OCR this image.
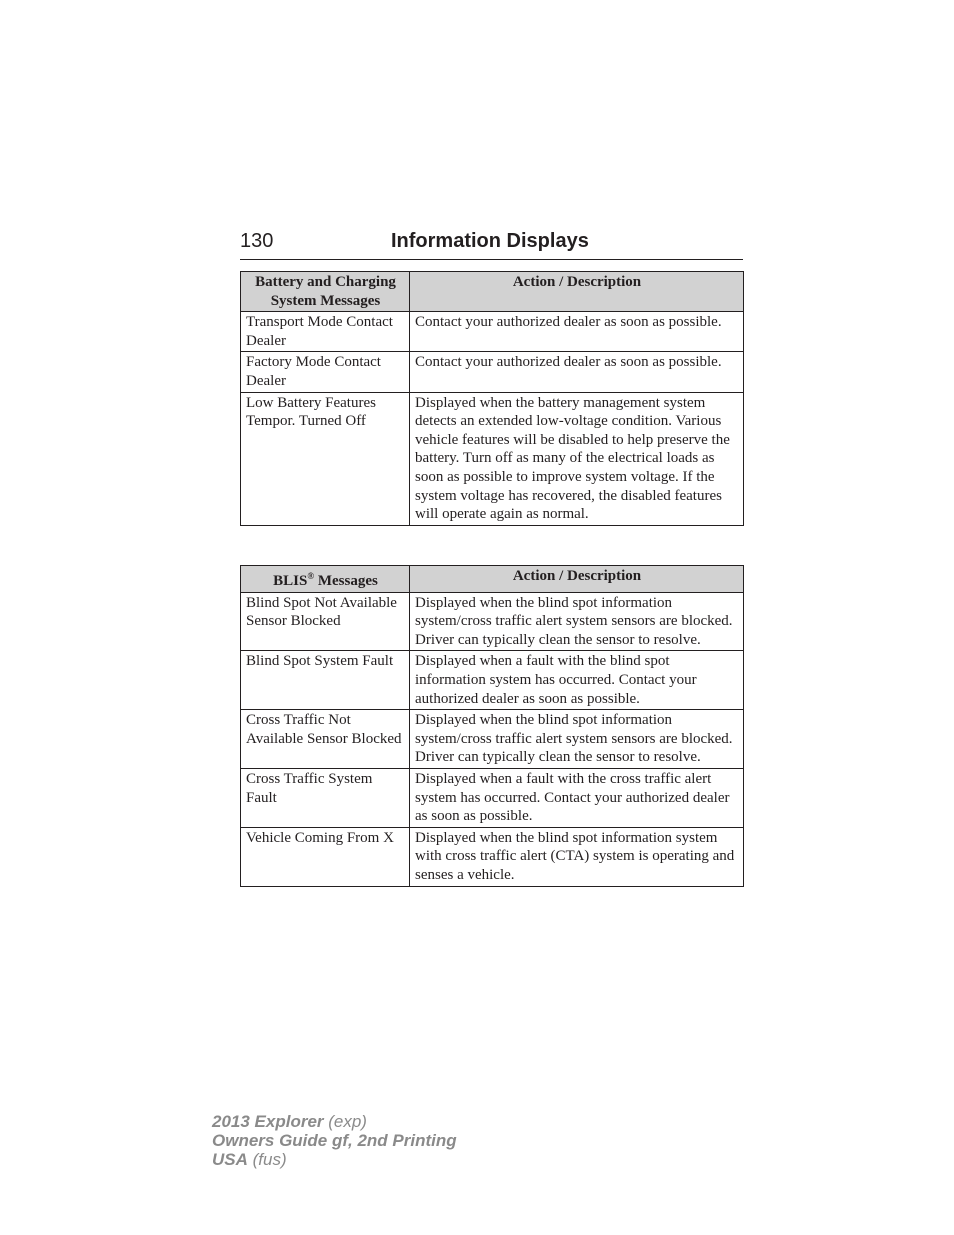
130	Information Displays
Battery and Charging System Messages	Action / Description
Transport Mode Contact Dealer	Contact your authorized dealer as soon as possible.
Factory Mode Contact Dealer	Contact your authorized dealer as soon as possible.
Low Battery Features Tempor. Turned Off	Displayed when the battery management system detects an extended low-voltage condition. Various vehicle features will be disabled to help preserve the battery. Turn off as many of the electrical loads as soon as possible to improve system voltage. If the system voltage has recovered, the disabled features will operate again as normal.
BLIS® Messages	Action / Description
Blind Spot Not Available Sensor Blocked	Displayed when the blind spot information system/cross traffic alert system sensors are blocked. Driver can typically clean the sensor to resolve.
Blind Spot System Fault	Displayed when a fault with the blind spot information system has occurred. Contact your authorized dealer as soon as possible.
Cross Traffic Not Available Sensor Blocked	Displayed when the blind spot information system/cross traffic alert system sensors are blocked. Driver can typically clean the sensor to resolve.
Cross Traffic System Fault	Displayed when a fault with the cross traffic alert system has occurred. Contact your authorized dealer as soon as possible.
Vehicle Coming From X	Displayed when the blind spot information system with cross traffic alert (CTA) system is operating and senses a vehicle.
2013 Explorer (exp)
Owners Guide gf, 2nd Printing
USA (fus)
